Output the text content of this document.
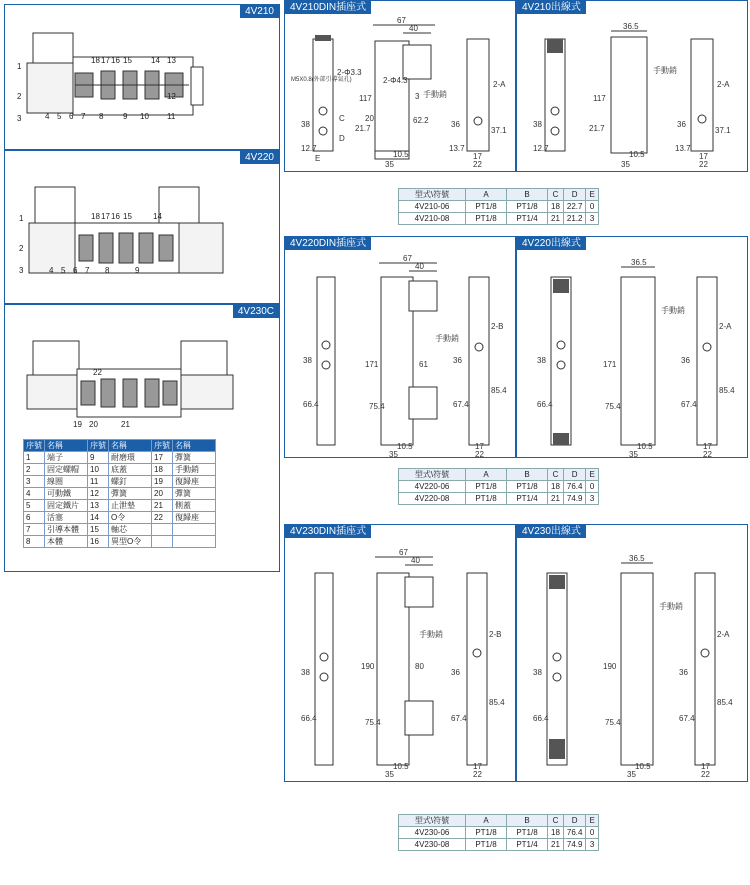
4V210
1
2
3	4 5 6 7 8 9 10 11
12
13
14
15
16
17
18
4V220
1
2
3	4 5 6 7 8	9
14
15
16
17
18
4V230C
19 20	21
22
序號	名稱	序號	名稱	序號	名稱
1	端子	9	耐磨環	17	彈簧
2	固定螺帽	10	底蓋	18	手動銷
3	線圈	11	螺釘	19	復歸座
4	可動鐵	12	彈簧	20	彈簧
5	固定鐵片	13	止泄墊	21	側蓋
6	活塞	14	O令	22	復歸座
7	引導本體	15	軸芯		
8	本體	16	異型O令		
4V210DIN插座式
67
40
117
38
12.7
21.7
20	62.2	36
13.7
37.1
10.5
35
17
22
3
2-Φ4.3
2-Φ3.3
2-A
C
D
E
手動銷
M5X0.8(外部引導氣孔)
4V210出線式
36.5
117
38
12.7
21.7	36
13.7
37.1
10.5
35
17
22
手動銷
2-A
型式\符號	A	B	C	D	E
4V210-06	PT1/8	PT1/8	18	22.7	0
4V210-08	PT1/8	PT1/4	21	21.2	3
4V220DIN插座式
67
40
171
38
66.4	75.4
61	36
67.4
85.4
10.5
35
17
22
手動銷
2-B
4V220出線式
36.5
171
38
66.4	75.4
36
67.4
85.4
10.5
35
17
22
手動銷
2-A
型式\符號	A	B	C	D	E
4V220-06	PT1/8	PT1/8	18	76.4	0
4V220-08	PT1/8	PT1/4	21	74.9	3
4V230DIN插座式
67
40
190
38
66.4	75.4
80
36
67.4
85.4
10.5
35
17
22
手動銷	2-B
4V230出線式
36.5
190
38
66.4	75.4
36
67.4
85.4
10.5
35
17
22
手動銷
2-A
型式\符號	A	B	C	D	E
4V230-06	PT1/8	PT1/8	18	76.4	0
4V230-08	PT1/8	PT1/4	21	74.9	3
